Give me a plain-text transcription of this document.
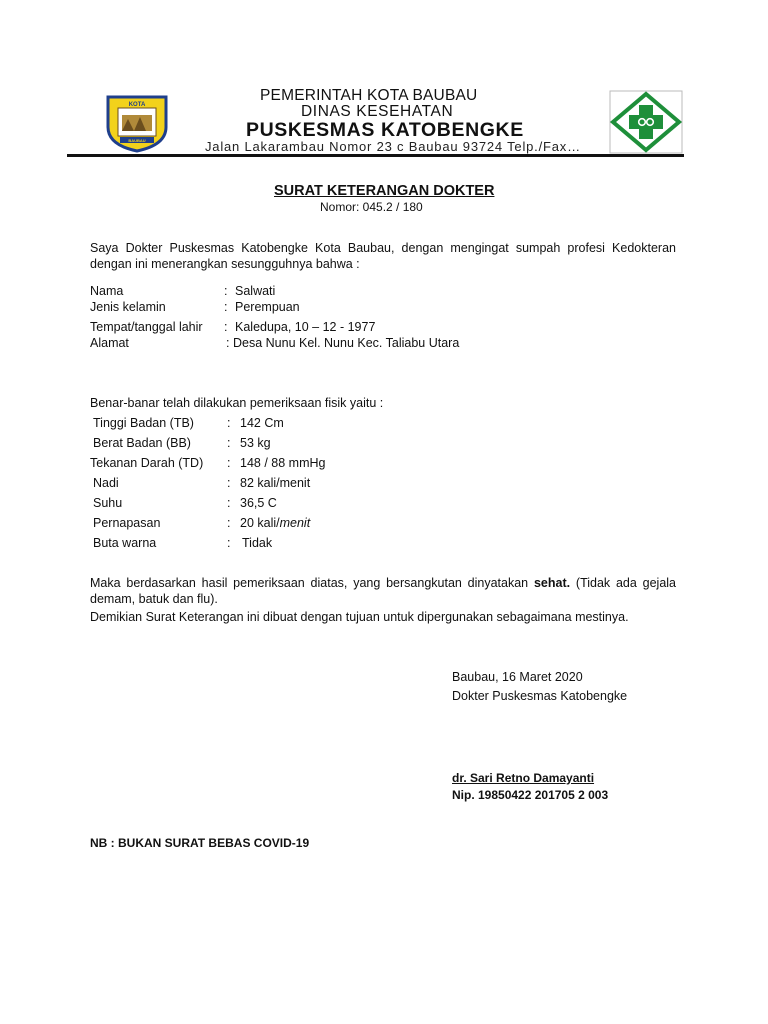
KOTA
BAUBAU
PEMERINTAH KOTA BAUBAU
DINAS KESEHATAN
PUSKESMAS KATOBENGKE
Jalan Lakarambau Nomor 23 c Baubau 93724 Telp./Fax…
SURAT KETERANGAN DOKTER
Nomor: 045.2 / 180
Saya Dokter Puskesmas Katobengke Kota Baubau, dengan mengingat sumpah profesi Kedokteran dengan ini menerangkan sesungguhnya bahwa :
Nama	: Salwati
Jenis kelamin	: Perempuan
Tempat/tanggal lahir : Kaledupa, 10 – 12 - 1977
Alamat	: Desa Nunu Kel. Nunu Kec. Taliabu Utara
Benar-banar telah dilakukan pemeriksaan fisik yaitu :
Tinggi Badan (TB)	: 142 Cm
Berat Badan (BB)	: 53 kg
Tekanan Darah (TD) : 148 / 88 mmHg
Nadi	: 82 kali/menit
Suhu	: 36,5 C
Pernapasan	: 20 kali/menit
Buta warna	: Tidak
Maka berdasarkan hasil pemeriksaan diatas, yang bersangkutan dinyatakan sehat. (Tidak ada gejala demam, batuk dan flu).
Demikian Surat Keterangan ini dibuat dengan tujuan untuk dipergunakan sebagaimana mestinya.
Baubau, 16 Maret 2020
Dokter Puskesmas Katobengke
dr. Sari Retno Damayanti
Nip. 19850422 201705 2 003
NB : BUKAN SURAT BEBAS COVID-19
